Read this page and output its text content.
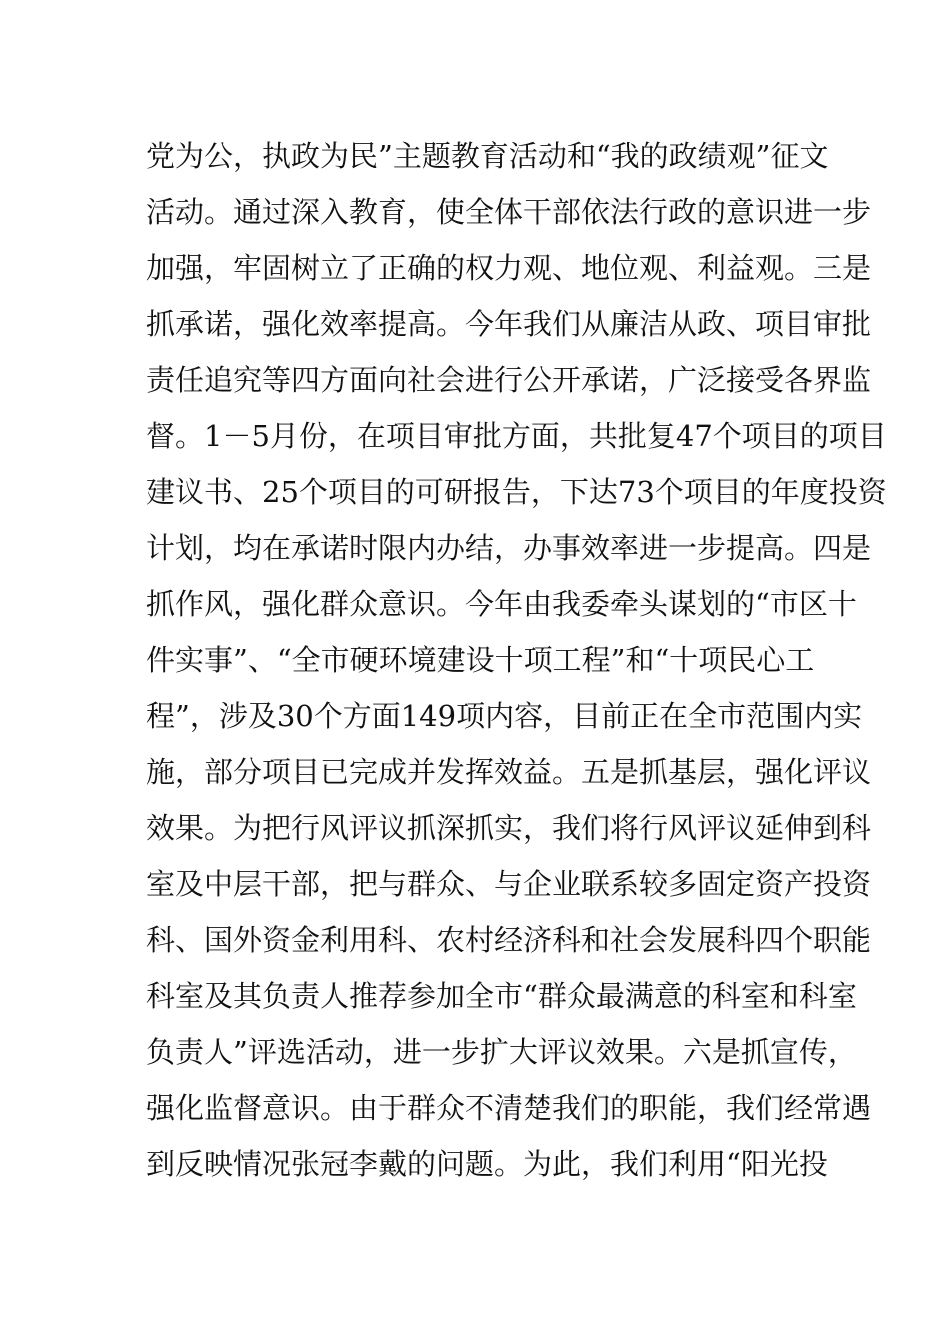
党为公，执政为民”主题教育活动和“我的政绩观”征文
活动。通过深入教育，使全体干部依法行政的意识进一步
加强，牢固树立了正确的权力观、地位观、利益观。三是
抓承诺，强化效率提高。今年我们从廉洁从政、项目审批
责任追究等四方面向社会进行公开承诺，广泛接受各界监
督。1－5月份，在项目审批方面，共批复47个项目的项目
建议书、25个项目的可研报告，下达73个项目的年度投资
计划，均在承诺时限内办结，办事效率进一步提高。四是
抓作风，强化群众意识。今年由我委牵头谋划的“市区十
件实事”、“全市硬环境建设十项工程”和“十项民心工
程”，涉及30个方面149项内容，目前正在全市范围内实
施，部分项目已完成并发挥效益。五是抓基层，强化评议
效果。为把行风评议抓深抓实，我们将行风评议延伸到科
室及中层干部，把与群众、与企业联系较多固定资产投资
科、国外资金利用科、农村经济科和社会发展科四个职能
科室及其负责人推荐参加全市“群众最满意的科室和科室
负责人”评选活动，进一步扩大评议效果。六是抓宣传，
强化监督意识。由于群众不清楚我们的职能，我们经常遇
到反映情况张冠李戴的问题。为此，我们利用“阳光投
